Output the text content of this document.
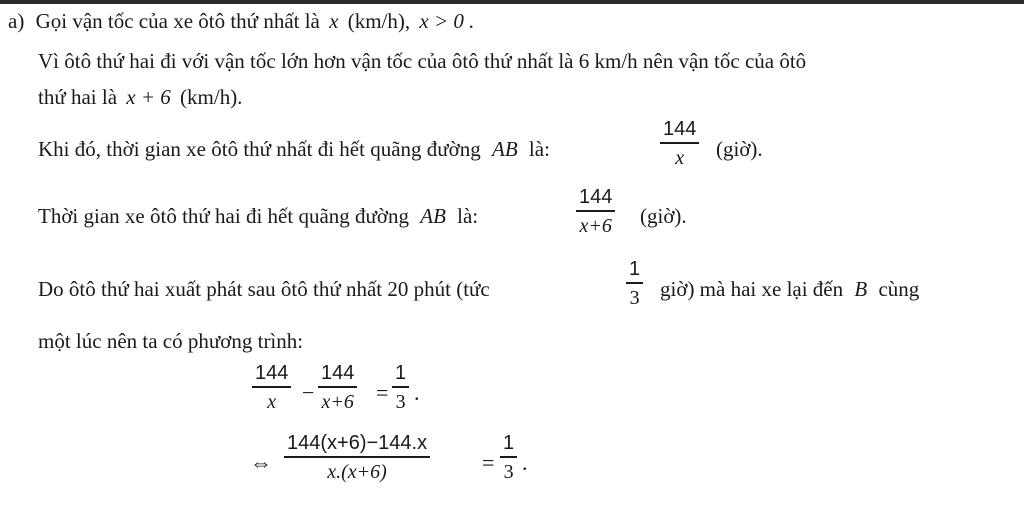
a) Gọi vận tốc của xe ôtô thứ nhất là x (km/h), x > 0 .
Vì ôtô thứ hai đi với vận tốc lớn hơn vận tốc của ôtô thứ nhất là 6 km/h nên vận tốc của ôtô
thứ hai là x + 6 (km/h).
Khi đó, thời gian xe ôtô thứ nhất đi hết quãng đường AB là:
144
x (giờ).
Thời gian xe ôtô thứ hai đi hết quãng đường AB là:
144
x+6 (giờ).
Do ôtô thứ hai xuất phát sau ôtô thứ nhất 20 phút (tức
1
3 giờ) mà hai xe lại đến B cùng
một lúc nên ta có phương trình:
144
x −
144
x+6 =
1
3 .
⇔
144(x+6)−144.x
x.(x+6)	=
1
3 .
